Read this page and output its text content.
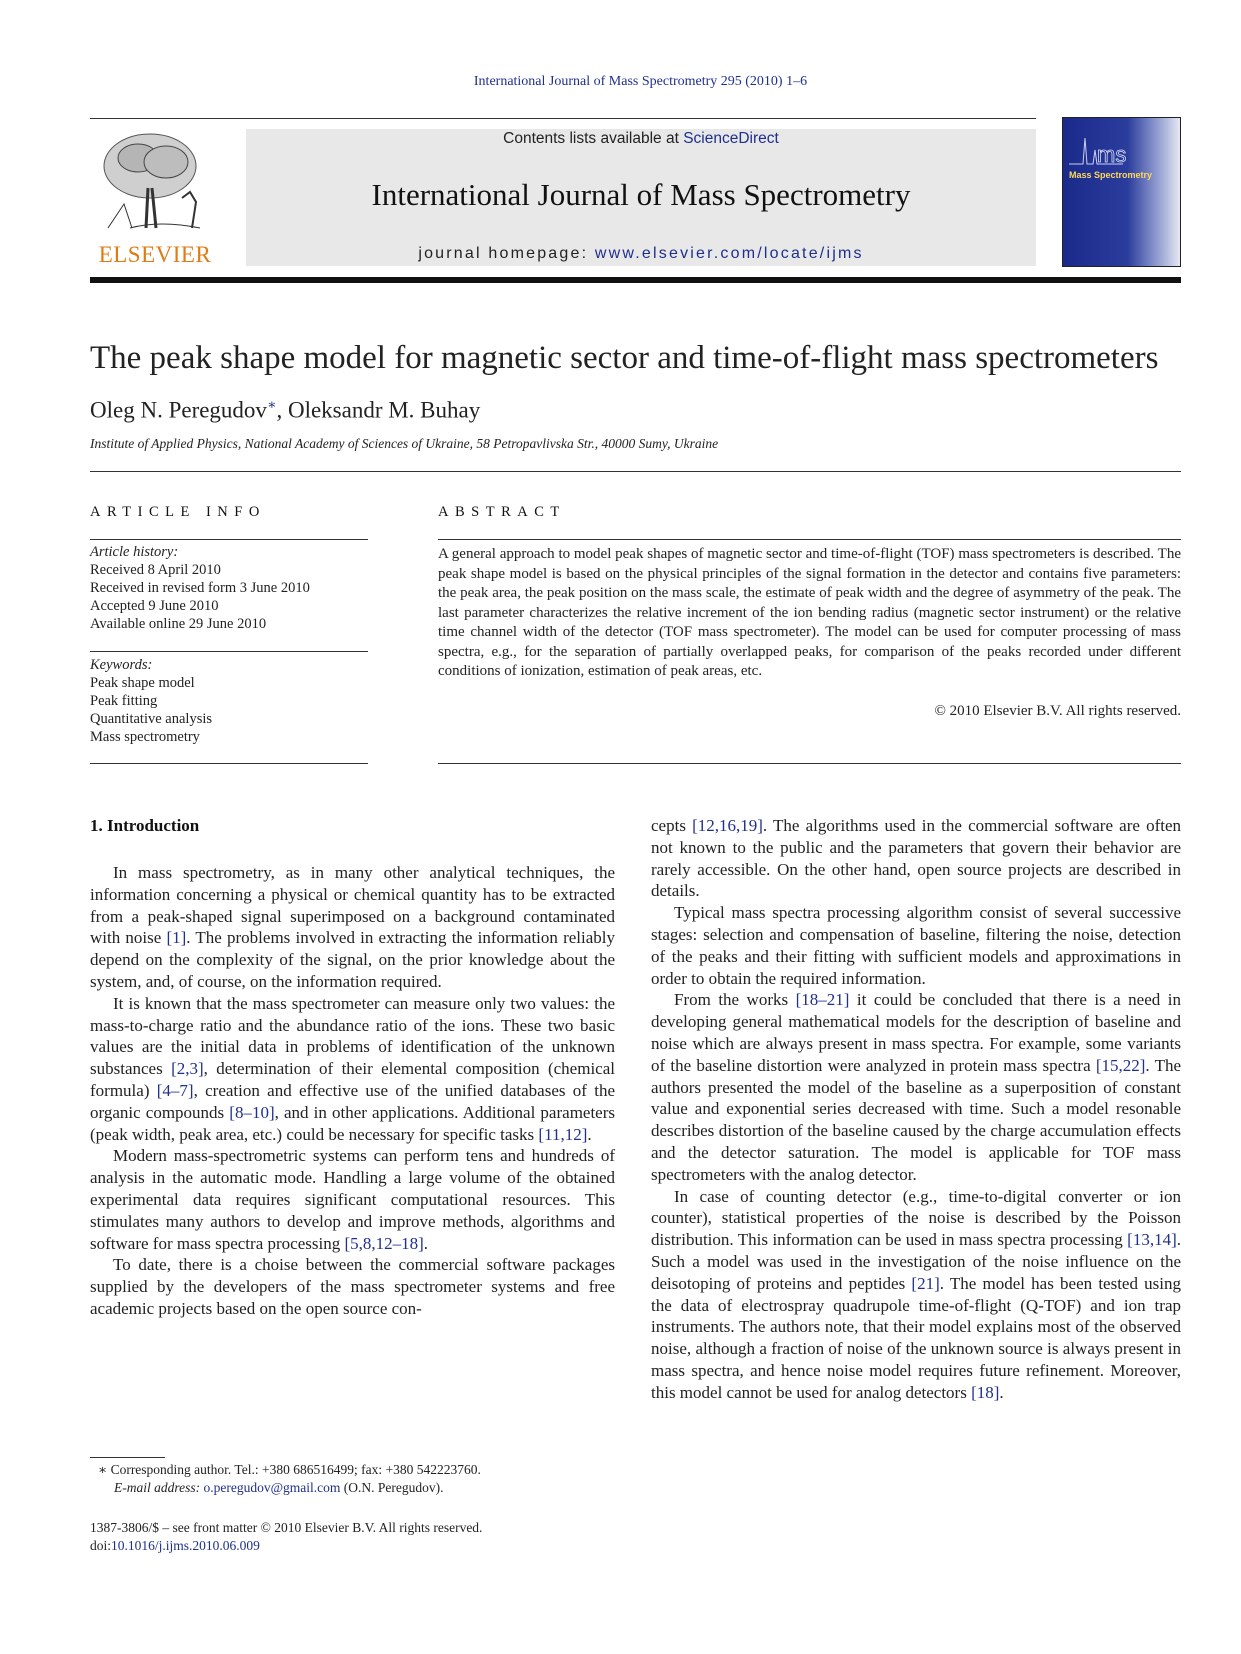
International Journal of Mass Spectrometry 295 (2010) 1–6
ELSEVIER
Contents lists available at ScienceDirect
International Journal of Mass Spectrometry
journal homepage: www.elsevier.com/locate/ijms
ms
Mass Spectrometry
The peak shape model for magnetic sector and time-of-flight mass spectrometers
Oleg N. Peregudov∗, Oleksandr M. Buhay
Institute of Applied Physics, National Academy of Sciences of Ukraine, 58 Petropavlivska Str., 40000 Sumy, Ukraine
ARTICLE INFO	ABSTRACT
Article history:
Received 8 April 2010
Received in revised form 3 June 2010
Accepted 9 June 2010
Available online 29 June 2010
Keywords:
Peak shape model
Peak fitting
Quantitative analysis
Mass spectrometry
A general approach to model peak shapes of magnetic sector and time-of-flight (TOF) mass spectrometers is described. The peak shape model is based on the physical principles of the signal formation in the detector and contains five parameters: the peak area, the peak position on the mass scale, the estimate of peak width and the degree of asymmetry of the peak. The last parameter characterizes the relative increment of the ion bending radius (magnetic sector instrument) or the relative time channel width of the detector (TOF mass spectrometer). The model can be used for computer processing of mass spectra, e.g., for the separation of partially overlapped peaks, for comparison of the peaks recorded under different conditions of ionization, estimation of peak areas, etc.
© 2010 Elsevier B.V. All rights reserved.
1. Introduction

In mass spectrometry, as in many other analytical techniques, the information concerning a physical or chemical quantity has to be extracted from a peak-shaped signal superimposed on a background contaminated with noise [1]. The problems involved in extracting the information reliably depend on the complexity of the signal, on the prior knowledge about the system, and, of course, on the information required.

It is known that the mass spectrometer can measure only two values: the mass-to-charge ratio and the abundance ratio of the ions. These two basic values are the initial data in problems of identification of the unknown substances [2,3], determination of their elemental composition (chemical formula) [4–7], creation and effective use of the unified databases of the organic compounds [8–10], and in other applications. Additional parameters (peak width, peak area, etc.) could be necessary for specific tasks [11,12].

Modern mass-spectrometric systems can perform tens and hundreds of analysis in the automatic mode. Handling a large volume of the obtained experimental data requires significant computational resources. This stimulates many authors to develop and improve methods, algorithms and software for mass spectra processing [5,8,12–18].

To date, there is a choise between the commercial software packages supplied by the developers of the mass spectrometer systems and free academic projects based on the open source con-

cepts [12,16,19]. The algorithms used in the commercial software are often not known to the public and the parameters that govern their behavior are rarely accessible. On the other hand, open source projects are described in details.

Typical mass spectra processing algorithm consist of several successive stages: selection and compensation of baseline, filtering the noise, detection of the peaks and their fitting with sufficient models and approximations in order to obtain the required information.

From the works [18–21] it could be concluded that there is a need in developing general mathematical models for the description of baseline and noise which are always present in mass spectra. For example, some variants of the baseline distortion were analyzed in protein mass spectra [15,22]. The authors presented the model of the baseline as a superposition of constant value and exponential series decreased with time. Such a model resonable describes distortion of the baseline caused by the charge accumulation effects and the detector saturation. The model is applicable for TOF mass spectrometers with the analog detector.

In case of counting detector (e.g., time-to-digital converter or ion counter), statistical properties of the noise is described by the Poisson distribution. This information can be used in mass spectra processing [13,14]. Such a model was used in the investigation of the noise influence on the deisotoping of proteins and peptides [21]. The model has been tested using the data of electrospray quadrupole time-of-flight (Q-TOF) and ion trap instruments. The authors note, that their model explains most of the observed noise, although a fraction of noise of the unknown source is always present in mass spectra, and hence noise model requires future refinement. Moreover, this model cannot be used for analog detectors [18].

∗ Corresponding author. Tel.: +380 686516499; fax: +380 542223760.
E-mail address: o.peregudov@gmail.com (O.N. Peregudov).
1387-3806/$ – see front matter © 2010 Elsevier B.V. All rights reserved.
doi:10.1016/j.ijms.2010.06.009
